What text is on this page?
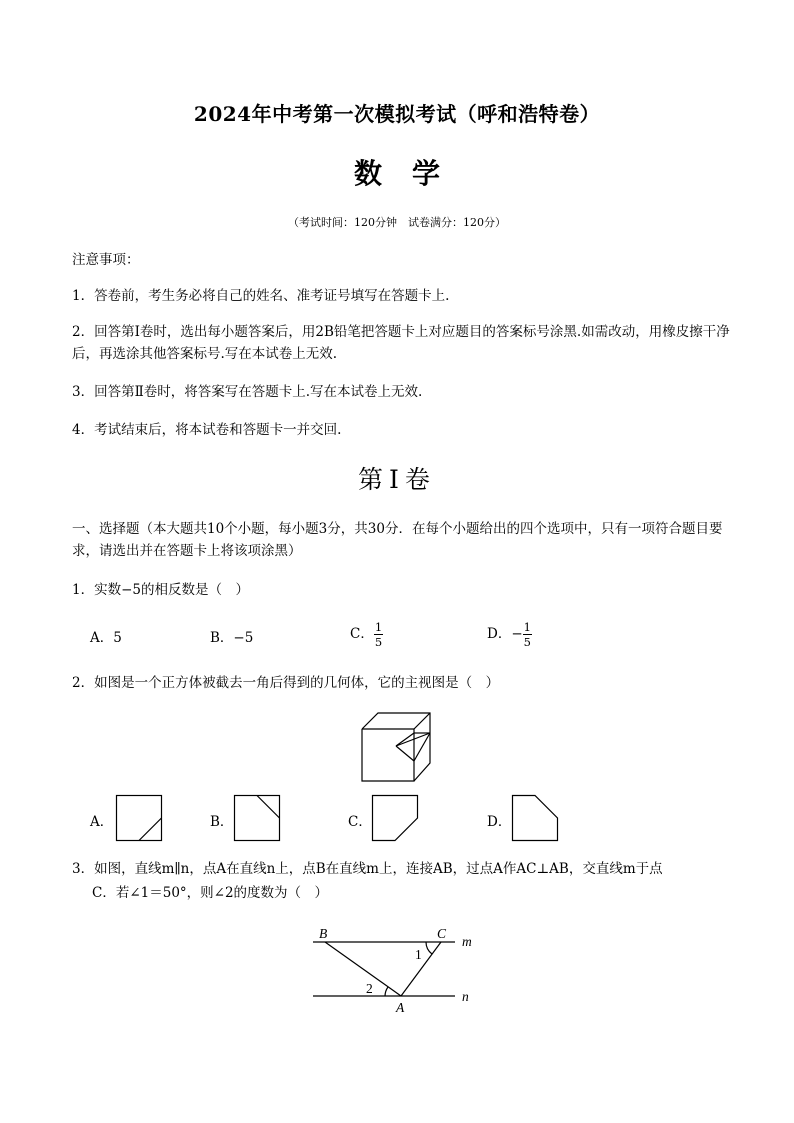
2024年中考第一次模拟考试（呼和浩特卷）
数学
（考试时间：120分钟　试卷满分：120分）
注意事项：
1．答卷前，考生务必将自己的姓名、准考证号填写在答题卡上.
2．回答第Ⅰ卷时，选出每小题答案后，用2B铅笔把答题卡上对应题目的答案标号涂黑.如需改动，用橡皮擦干净后，再选涂其他答案标号.写在本试卷上无效.
3．回答第Ⅱ卷时，将答案写在答题卡上.写在本试卷上无效.
4．考试结束后，将本试卷和答题卡一并交回.
第Ⅰ卷
一、选择题（本大题共10个小题，每小题3分，共30分．在每个小题给出的四个选项中，只有一项符合题目要求，请选出并在答题卡上将该项涂黑）
1．实数−5的相反数是（　）
A．5	B．−5	C． $\frac{1}{5}$	D．− $\frac{1}{5}$
2．如图是一个正方体被截去一角后得到的几何体，它的主视图是（　）
A．	B．	C．	D．
3．如图，直线m∥n，点A在直线n上，点B在直线m上，连接AB，过点A作AC⊥AB，交直线m于点
C．若∠1＝50°，则∠2的度数为（　）
B	C
m
n
A
1
2
